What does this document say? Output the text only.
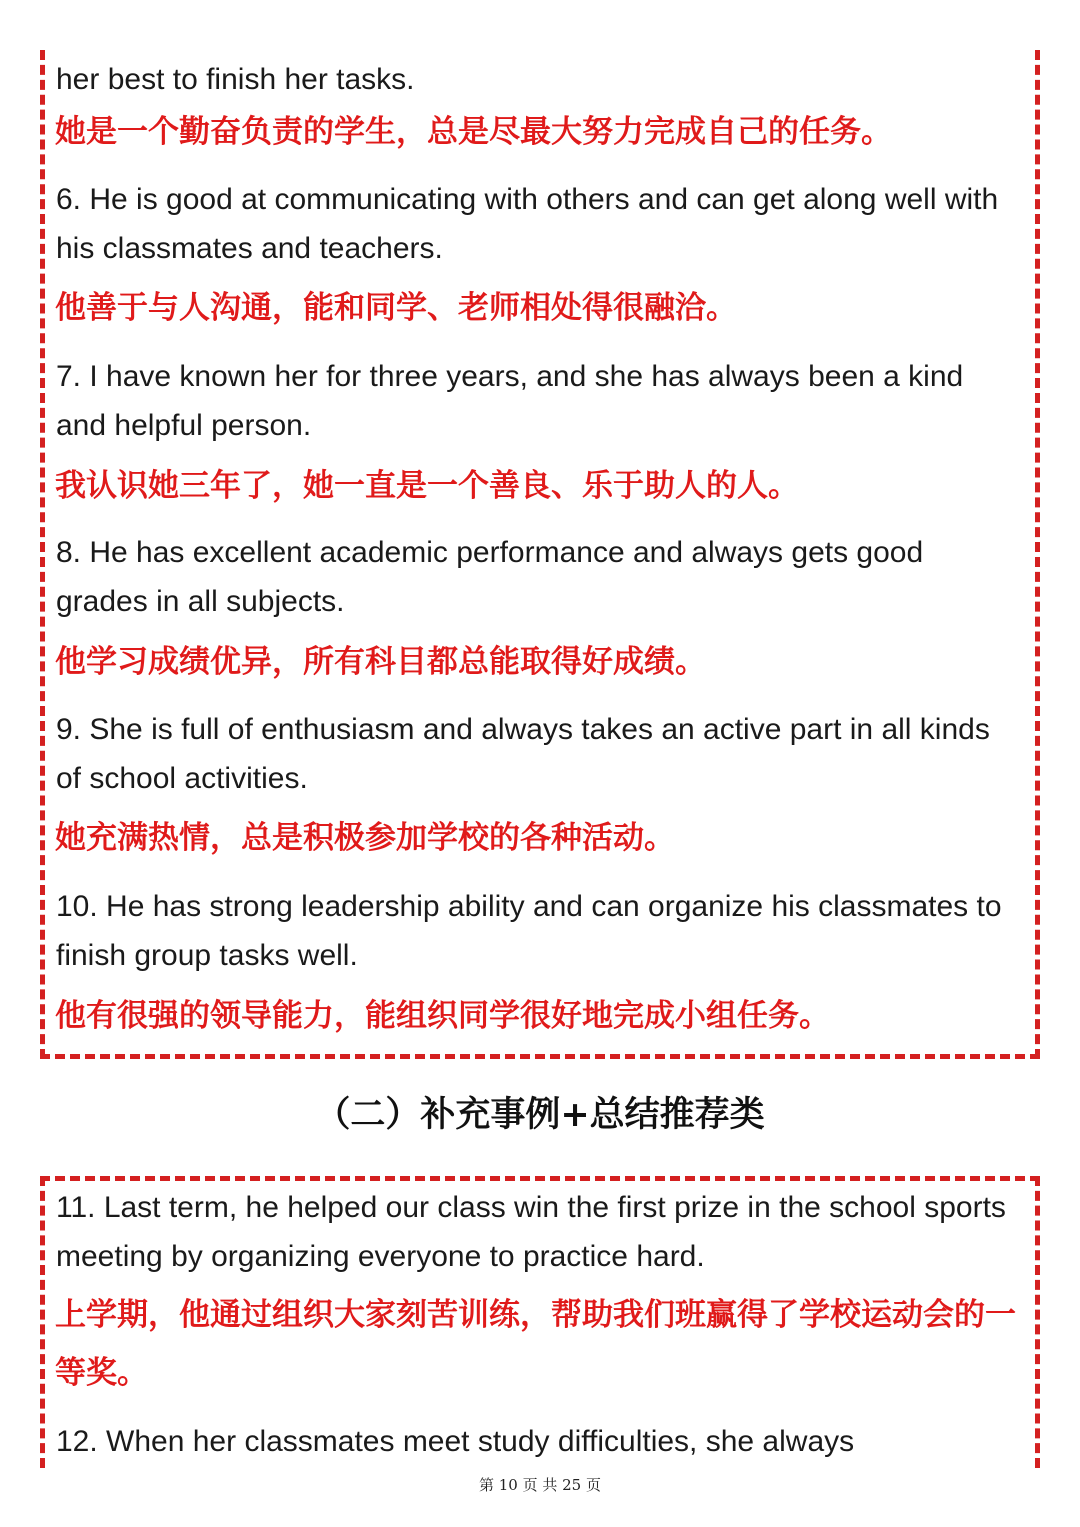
her best to finish her tasks.

她是一个勤奋负责的学生，总是尽最大努力完成自己的任务。

6. He is good at communicating with others and can get along well with his classmates and teachers.

他善于与人沟通，能和同学、老师相处得很融洽。

7. I have known her for three years, and she has always been a kind and helpful person.

我认识她三年了，她一直是一个善良、乐于助人的人。

8. He has excellent academic performance and always gets good grades in all subjects.

他学习成绩优异，所有科目都总能取得好成绩。

9. She is full of enthusiasm and always takes an active part in all kinds of school activities.

她充满热情，总是积极参加学校的各种活动。

10. He has strong leadership ability and can organize his classmates to finish group tasks well.

他有很强的领导能力，能组织同学很好地完成小组任务。

（二）补充事例+总结推荐类

11. Last term, he helped our class win the first prize in the school sports meeting by organizing everyone to practice hard.

上学期，他通过组织大家刻苦训练，帮助我们班赢得了学校运动会的一等奖。

12. When her classmates meet study difficulties, she always

第 10 页 共 25 页
